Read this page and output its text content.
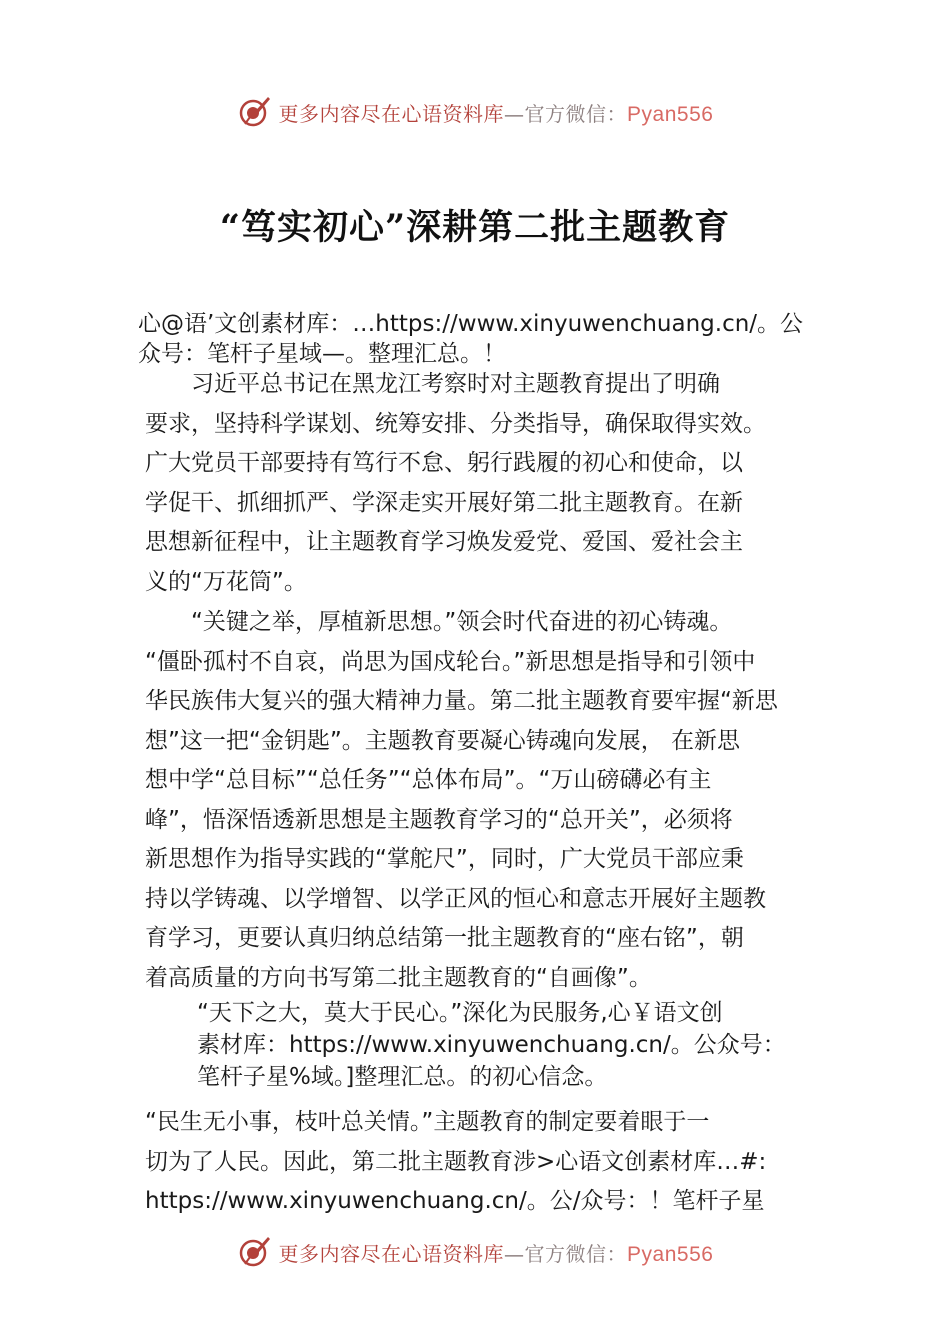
更多内容尽在心语资料库—官方微信：Pyan556
“笃实初心”深耕第二批主题教育
心@语’文创素材库：…https://www.xinyuwenchuang.cn/。公
众号：笔杆子星域—。整理汇总。！
　　习近平总书记在黑龙江考察时对主题教育提出了明确
要求，坚持科学谋划、统筹安排、分类指导，确保取得实效。
广大党员干部要持有笃行不怠、躬行践履的初心和使命，以
学促干、抓细抓严、学深走实开展好第二批主题教育。在新
思想新征程中，让主题教育学习焕发爱党、爱国、爱社会主
义的“万花筒”。
　　“关键之举，厚植新思想。”领会时代奋进的初心铸魂。
“僵卧孤村不自哀，尚思为国戍轮台。”新思想是指导和引领中
华民族伟大复兴的强大精神力量。第二批主题教育要牢握“新思
想”这一把“金钥匙”。主题教育要凝心铸魂向发展， 在新思
想中学“总目标”“总任务”“总体布局”。“万山磅礴必有主
峰”，悟深悟透新思想是主题教育学习的“总开关”，必须将
新思想作为指导实践的“掌舵尺”，同时，广大党员干部应秉
持以学铸魂、以学增智、以学正风的恒心和意志开展好主题教
育学习，更要认真归纳总结第一批主题教育的“座右铭”，朝
着高质量的方向书写第二批主题教育的“自画像”。
“天下之大，莫大于民心。”深化为民服务,心￥语文创
素材库：https://www.xinyuwenchuang.cn/。公众号：
笔杆子星%域。]整理汇总。的初心信念。
“民生无小事，枝叶总关情。”主题教育的制定要着眼于一
切为了人民。因此，第二批主题教育涉>心语文创素材库…#:
https://www.xinyuwenchuang.cn/。公/众号：！笔杆子星
更多内容尽在心语资料库—官方微信：Pyan556
